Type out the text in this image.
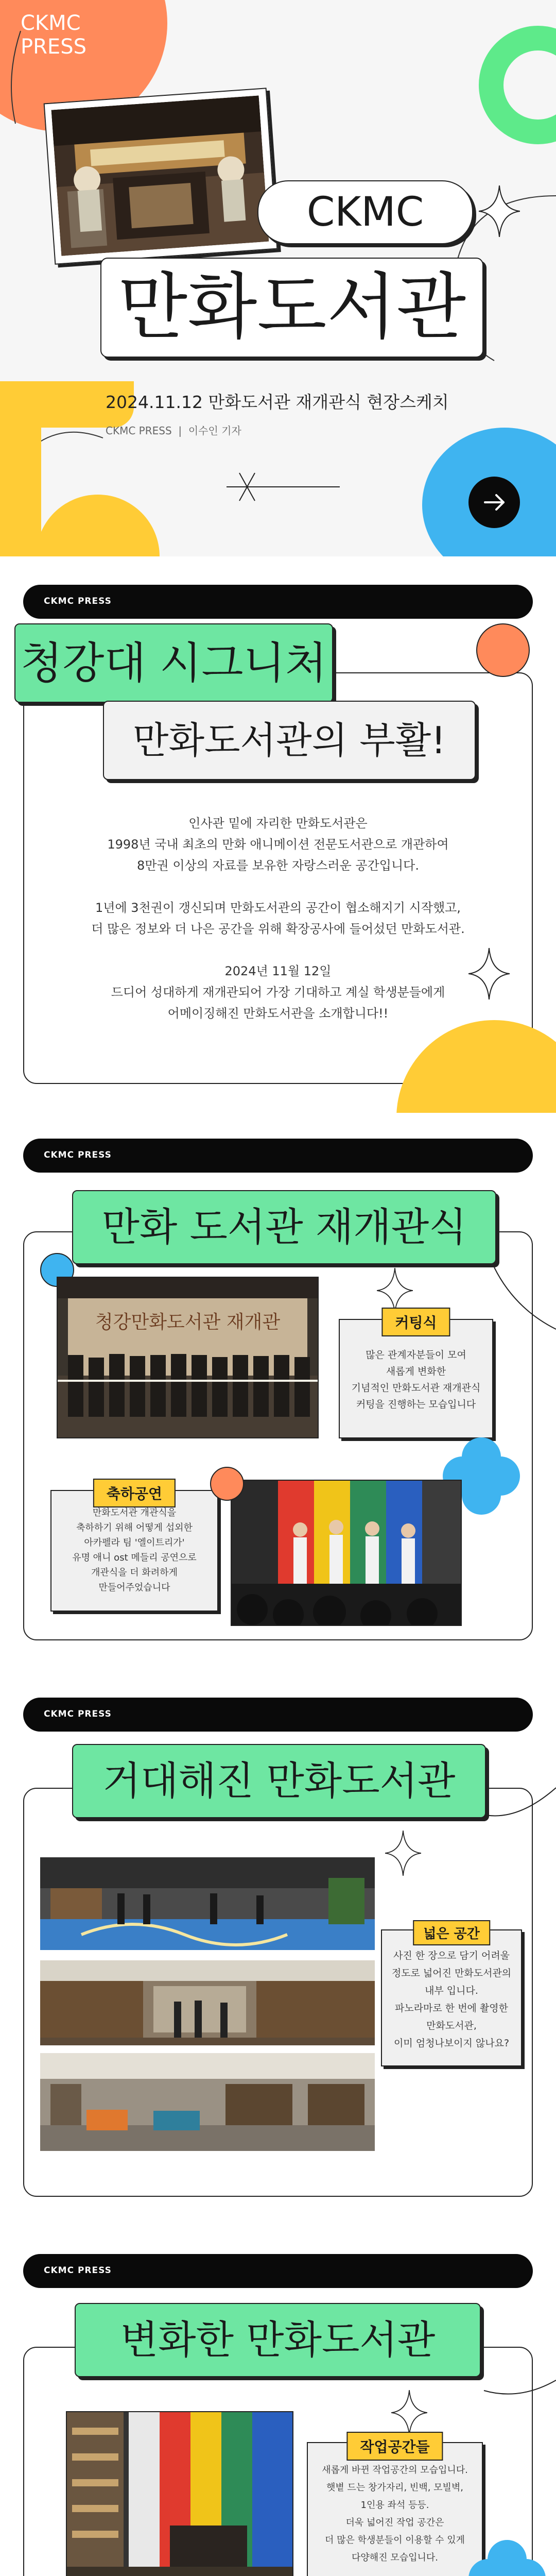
CKMC
PRESS
CKMC
만화도서관
2024.11.12 만화도서관 재개관식 현장스케치
CKMC PRESS | 이수인 기자
CKMC PRESS
청강대 시그니처
만화도서관의 부활!
인사관 밑에 자리한 만화도서관은
1998년 국내 최초의 만화 애니메이션 전문도서관으로 개관하여
8만권 이상의 자료를 보유한 자랑스러운 공간입니다.
1년에 3천권이 갱신되며 만화도서관의 공간이 협소해지기 시작했고,
더 많은 정보와 더 나은 공간을 위해 확장공사에 들어섰던 만화도서관.
2024년 11월 12일
드디어 성대하게 재개관되어 가장 기대하고 계실 학생분들에게
어메이징해진 만화도서관을 소개합니다!!
CKMC PRESS
만화 도서관 재개관식
청강만화도서관 재개관	커팅식
많은 관계자분들이 모여
새롭게 변화한
기념적인 만화도서관 재개관식
커팅을 진행하는 모습입니다
축하공연
만화도서관 개관식을
축하하기 위해 어떻게 섭외한
아카펠라 팀 '엘이트리가'
유명 애니 ost 메들리 공연으로
개관식을 더 화려하게
만들어주었습니다
CKMC PRESS
거대해진 만화도서관
넓은 공간
사진 한 장으로 담기 어려울
정도로 넓어진 만화도서관의
내부 입니다.
파노라마로 한 번에 촬영한
만화도서관,
이미 엄청나보이지 않나요?
CKMC PRESS
변화한 만화도서관
작업공간들
새롭게 바뀐 작업공간의 모습입니다.
햇볕 드는 창가자리, 빈백, 모빌벽,
1인용 좌석 등등.
더욱 넓어진 작업 공간은
더 많은 학생분들이 이용할 수 있게
다양해진 모습입니다.
